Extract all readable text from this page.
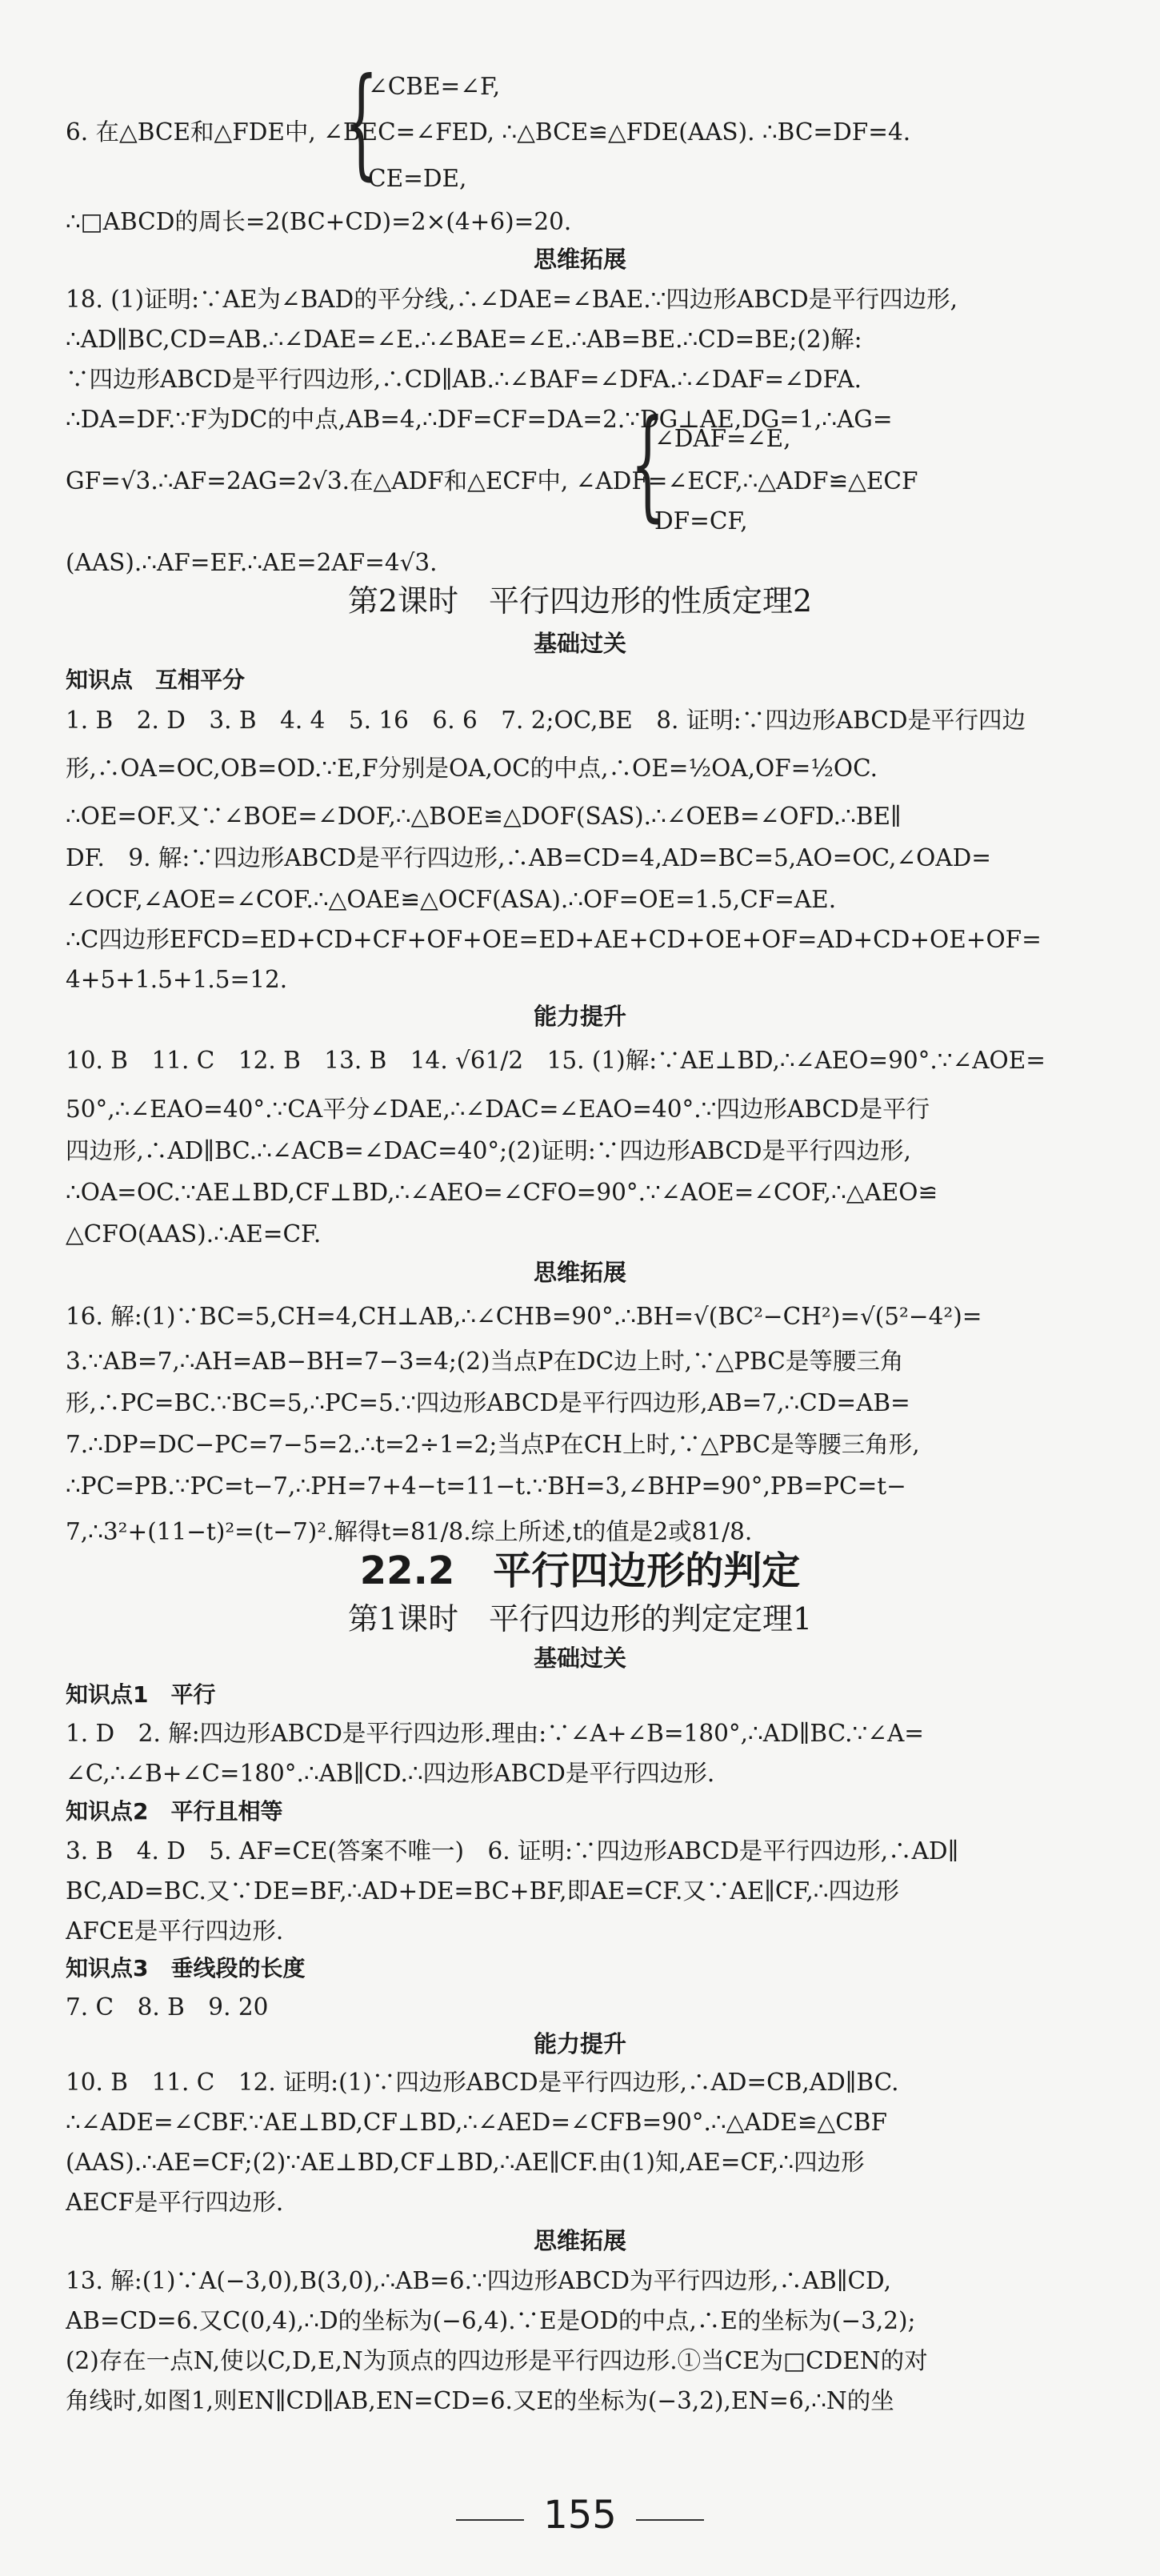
{
{
∠CBE=∠F,
6. 在△BCE和△FDE中, ∠BEC=∠FED, ∴△BCE≌△FDE(AAS). ∴BC=DF=4.
CE=DE,
∴□ABCD的周长=2(BC+CD)=2×(4+6)=20.
思维拓展
18. (1)证明:∵AE为∠BAD的平分线,∴∠DAE=∠BAE.∵四边形ABCD是平行四边形,
∴AD∥BC,CD=AB.∴∠DAE=∠E.∴∠BAE=∠E.∴AB=BE.∴CD=BE;(2)解:
∵四边形ABCD是平行四边形,∴CD∥AB.∴∠BAF=∠DFA.∴∠DAF=∠DFA.
∴DA=DF.∵F为DC的中点,AB=4,∴DF=CF=DA=2.∵DG⊥AE,DG=1,∴AG=
∠DAF=∠E,
GF=√3.∴AF=2AG=2√3.在△ADF和△ECF中, ∠ADF=∠ECF,∴△ADF≌△ECF
DF=CF,
(AAS).∴AF=EF.∴AE=2AF=4√3.
第2课时　平行四边形的性质定理2
基础过关
知识点　互相平分
1. B　2. D　3. B　4. 4　5. 16　6. 6　7. 2;OC,BE　8. 证明:∵四边形ABCD是平行四边
形,∴OA=OC,OB=OD.∵E,F分别是OA,OC的中点,∴OE=½OA,OF=½OC.
∴OE=OF.又∵∠BOE=∠DOF,∴△BOE≌△DOF(SAS).∴∠OEB=∠OFD.∴BE∥
DF.　9. 解:∵四边形ABCD是平行四边形,∴AB=CD=4,AD=BC=5,AO=OC,∠OAD=
∠OCF,∠AOE=∠COF.∴△OAE≌△OCF(ASA).∴OF=OE=1.5,CF=AE.
∴C四边形EFCD=ED+CD+CF+OF+OE=ED+AE+CD+OE+OF=AD+CD+OE+OF=
4+5+1.5+1.5=12.
能力提升
10. B　11. C　12. B　13. B　14. √61/2　15. (1)解:∵AE⊥BD,∴∠AEO=90°.∵∠AOE=
50°,∴∠EAO=40°.∵CA平分∠DAE,∴∠DAC=∠EAO=40°.∵四边形ABCD是平行
四边形,∴AD∥BC.∴∠ACB=∠DAC=40°;(2)证明:∵四边形ABCD是平行四边形,
∴OA=OC.∵AE⊥BD,CF⊥BD,∴∠AEO=∠CFO=90°.∵∠AOE=∠COF,∴△AEO≌
△CFO(AAS).∴AE=CF.
思维拓展
16. 解:(1)∵BC=5,CH=4,CH⊥AB,∴∠CHB=90°.∴BH=√(BC²−CH²)=√(5²−4²)=
3.∵AB=7,∴AH=AB−BH=7−3=4;(2)当点P在DC边上时,∵△PBC是等腰三角
形,∴PC=BC.∵BC=5,∴PC=5.∵四边形ABCD是平行四边形,AB=7,∴CD=AB=
7.∴DP=DC−PC=7−5=2.∴t=2÷1=2;当点P在CH上时,∵△PBC是等腰三角形,
∴PC=PB.∵PC=t−7,∴PH=7+4−t=11−t.∵BH=3,∠BHP=90°,PB=PC=t−
7,∴3²+(11−t)²=(t−7)².解得t=81/8.综上所述,t的值是2或81/8.
22.2　平行四边形的判定
第1课时　平行四边形的判定定理1
基础过关
知识点1　平行
1. D　2. 解:四边形ABCD是平行四边形.理由:∵∠A+∠B=180°,∴AD∥BC.∵∠A=
∠C,∴∠B+∠C=180°.∴AB∥CD.∴四边形ABCD是平行四边形.
知识点2　平行且相等
3. B　4. D　5. AF=CE(答案不唯一)　6. 证明:∵四边形ABCD是平行四边形,∴AD∥
BC,AD=BC.又∵DE=BF,∴AD+DE=BC+BF,即AE=CF.又∵AE∥CF,∴四边形
AFCE是平行四边形.
知识点3　垂线段的长度
7. C　8. B　9. 20
能力提升
10. B　11. C　12. 证明:(1)∵四边形ABCD是平行四边形,∴AD=CB,AD∥BC.
∴∠ADE=∠CBF.∵AE⊥BD,CF⊥BD,∴∠AED=∠CFB=90°.∴△ADE≌△CBF
(AAS).∴AE=CF;(2)∵AE⊥BD,CF⊥BD,∴AE∥CF.由(1)知,AE=CF,∴四边形
AECF是平行四边形.
思维拓展
13. 解:(1)∵A(−3,0),B(3,0),∴AB=6.∵四边形ABCD为平行四边形,∴AB∥CD,
AB=CD=6.又C(0,4),∴D的坐标为(−6,4).∵E是OD的中点,∴E的坐标为(−3,2);
(2)存在一点N,使以C,D,E,N为顶点的四边形是平行四边形.①当CE为□CDEN的对
角线时,如图1,则EN∥CD∥AB,EN=CD=6.又E的坐标为(−3,2),EN=6,∴N的坐
155
